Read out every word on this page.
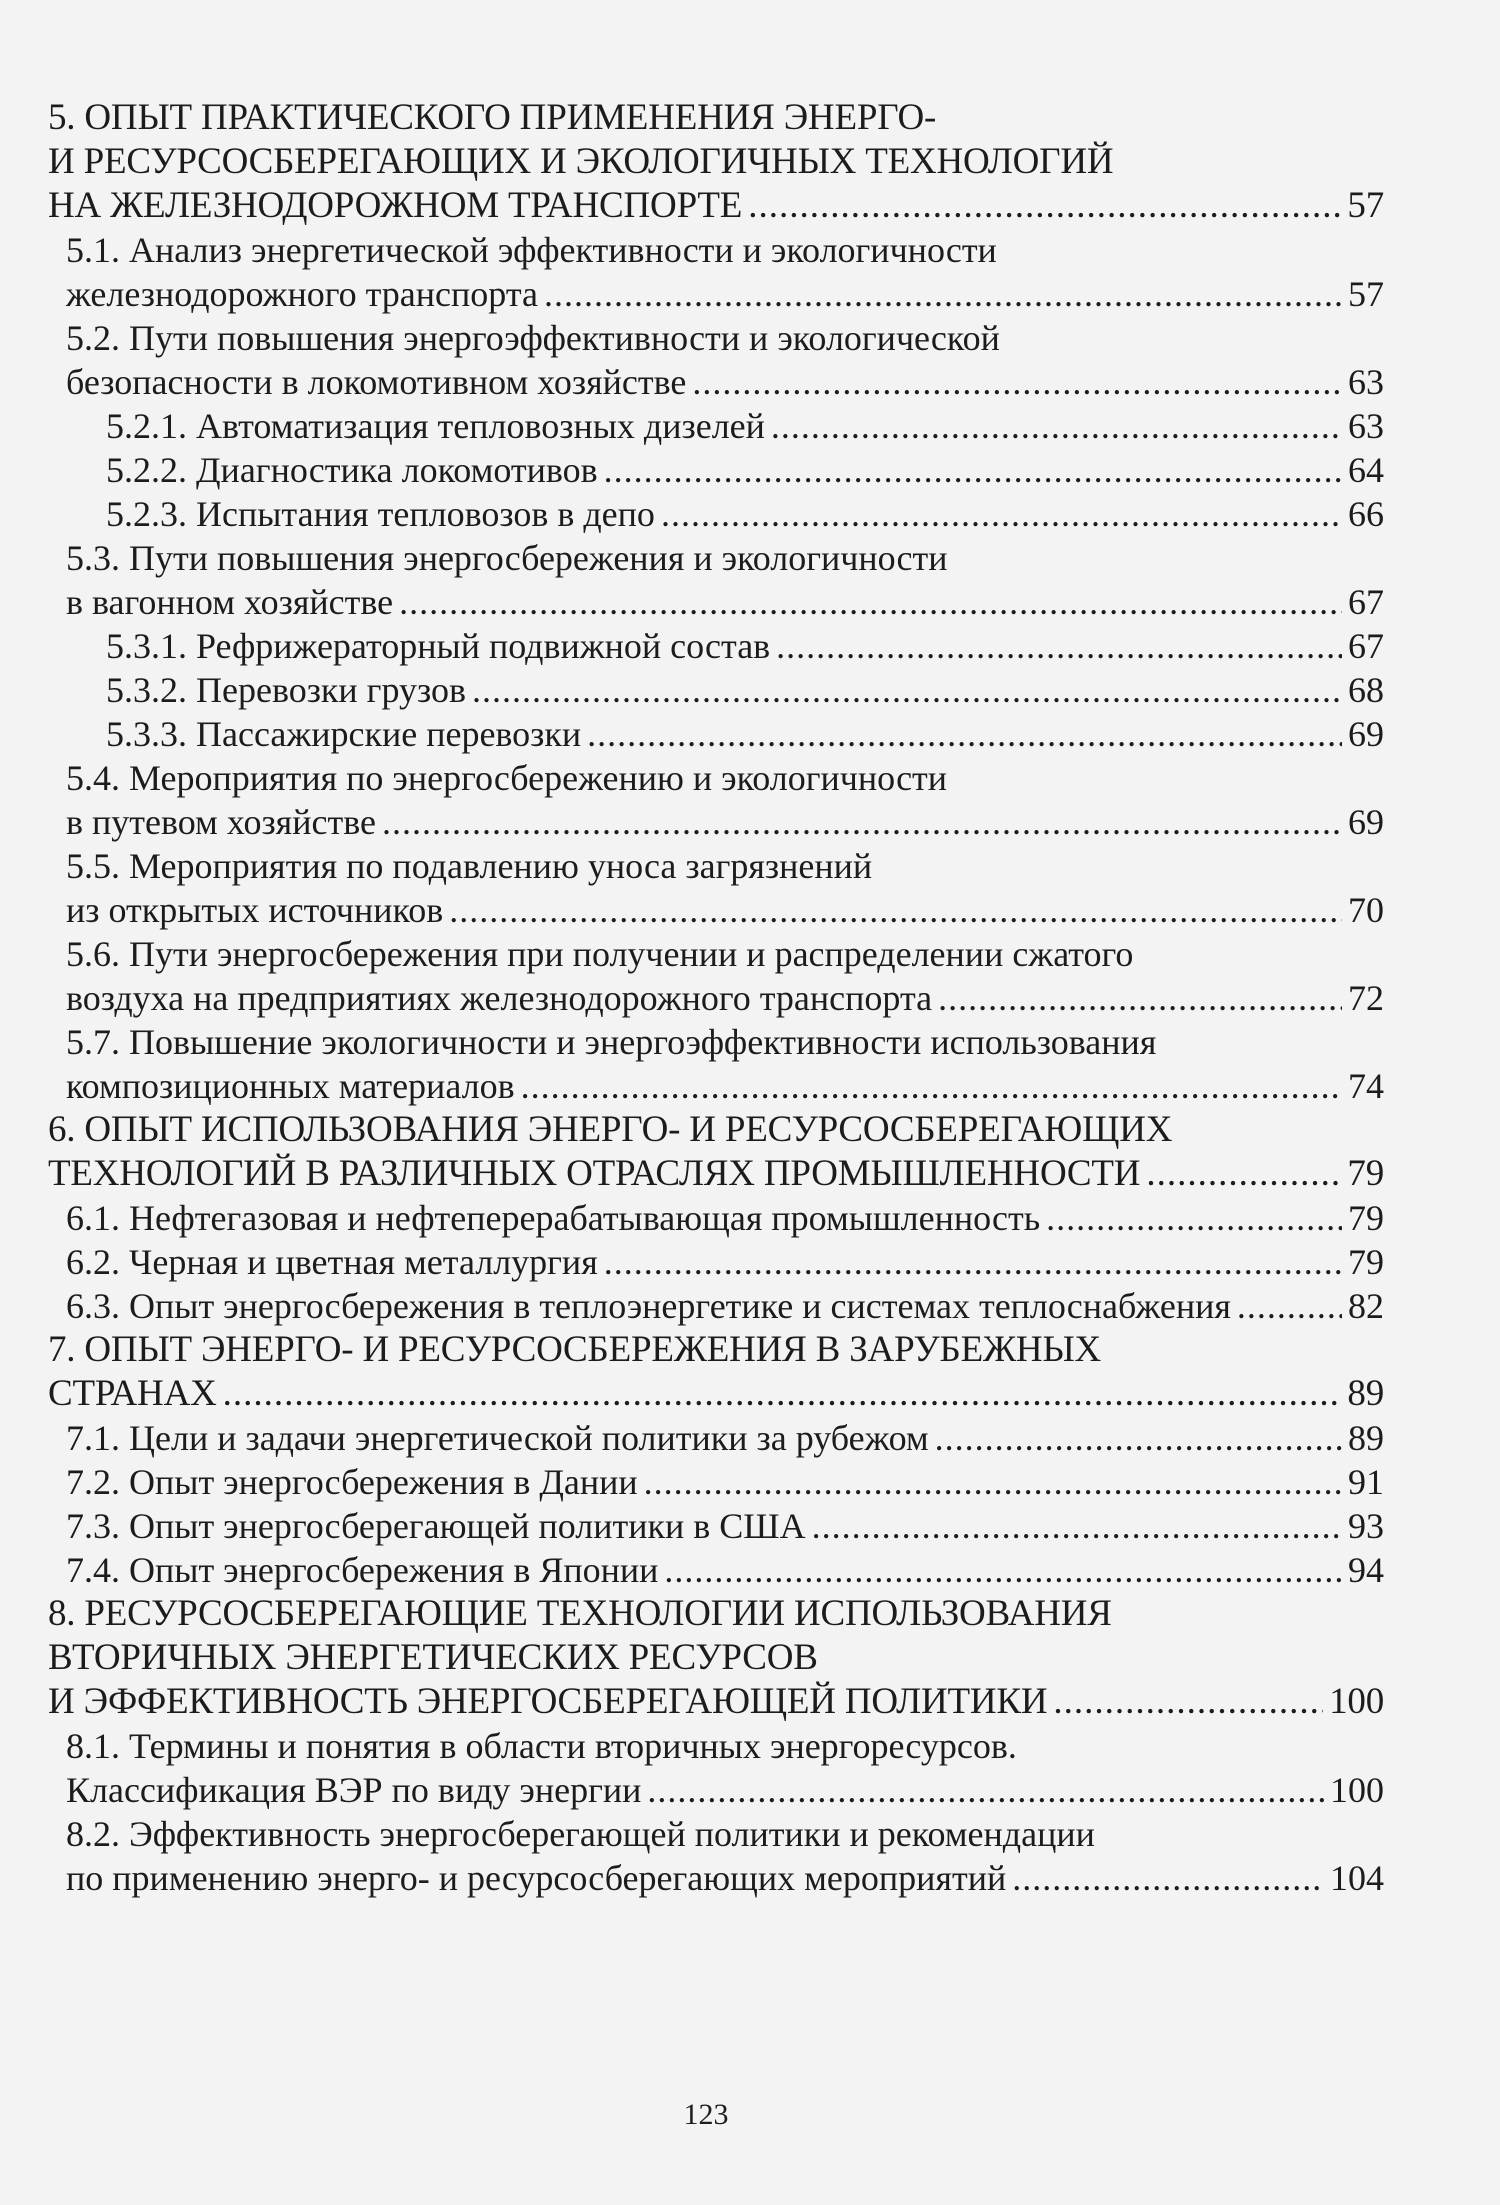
5. ОПЫТ ПРАКТИЧЕСКОГО ПРИМЕНЕНИЯ ЭНЕРГО-
И РЕСУРСОСБЕРЕГАЮЩИХ И ЭКОЛОГИЧНЫХ ТЕХНОЛОГИЙ
НА ЖЕЛЕЗНОДОРОЖНОМ ТРАНСПОРТЕ .....	57
5.1. Анализ энергетической эффективности и экологичности
железнодорожного транспорта .....	57
5.2. Пути повышения энергоэффективности и экологической
безопасности в локомотивном хозяйстве .....	63
5.2.1. Автоматизация тепловозных дизелей .....	63
5.2.2. Диагностика локомотивов .....	64
5.2.3. Испытания тепловозов в депо .....	66
5.3. Пути повышения энергосбережения и экологичности
в вагонном хозяйстве .....	67
5.3.1. Рефрижераторный подвижной состав .....	67
5.3.2. Перевозки грузов .....	68
5.3.3. Пассажирские перевозки .....	69
5.4. Мероприятия по энергосбережению и экологичности
в путевом хозяйстве .....	69
5.5. Мероприятия по подавлению уноса загрязнений
из открытых источников .....	70
5.6. Пути энергосбережения при получении и распределении сжатого
воздуха на предприятиях железнодорожного транспорта .....	72
5.7. Повышение экологичности и энергоэффективности использования
композиционных материалов .....	74
6. ОПЫТ ИСПОЛЬЗОВАНИЯ ЭНЕРГО- И РЕСУРСОСБЕРЕГАЮЩИХ
ТЕХНОЛОГИЙ В РАЗЛИЧНЫХ ОТРАСЛЯХ ПРОМЫШЛЕННОСТИ .....	79
6.1. Нефтегазовая и нефтеперерабатывающая промышленность .....	79
6.2. Черная и цветная металлургия .....	79
6.3. Опыт энергосбережения в теплоэнергетике и системах теплоснабжения .....	82
7. ОПЫТ ЭНЕРГО- И РЕСУРСОСБЕРЕЖЕНИЯ В ЗАРУБЕЖНЫХ
СТРАНАХ .....	89
7.1. Цели и задачи энергетической политики за рубежом .....	89
7.2. Опыт энергосбережения в Дании .....	91
7.3. Опыт энергосберегающей политики в США .....	93
7.4. Опыт энергосбережения в Японии .....	94
8. РЕСУРСОСБЕРЕГАЮЩИЕ ТЕХНОЛОГИИ ИСПОЛЬЗОВАНИЯ
ВТОРИЧНЫХ ЭНЕРГЕТИЧЕСКИХ РЕСУРСОВ
И ЭФФЕКТИВНОСТЬ ЭНЕРГОСБЕРЕГАЮЩЕЙ ПОЛИТИКИ .....	100
8.1. Термины и понятия в области вторичных энергоресурсов.
Классификация ВЭР по виду энергии .....	100
8.2. Эффективность энергосберегающей политики и рекомендации
по применению энерго- и ресурсосберегающих мероприятий .....	104
123
